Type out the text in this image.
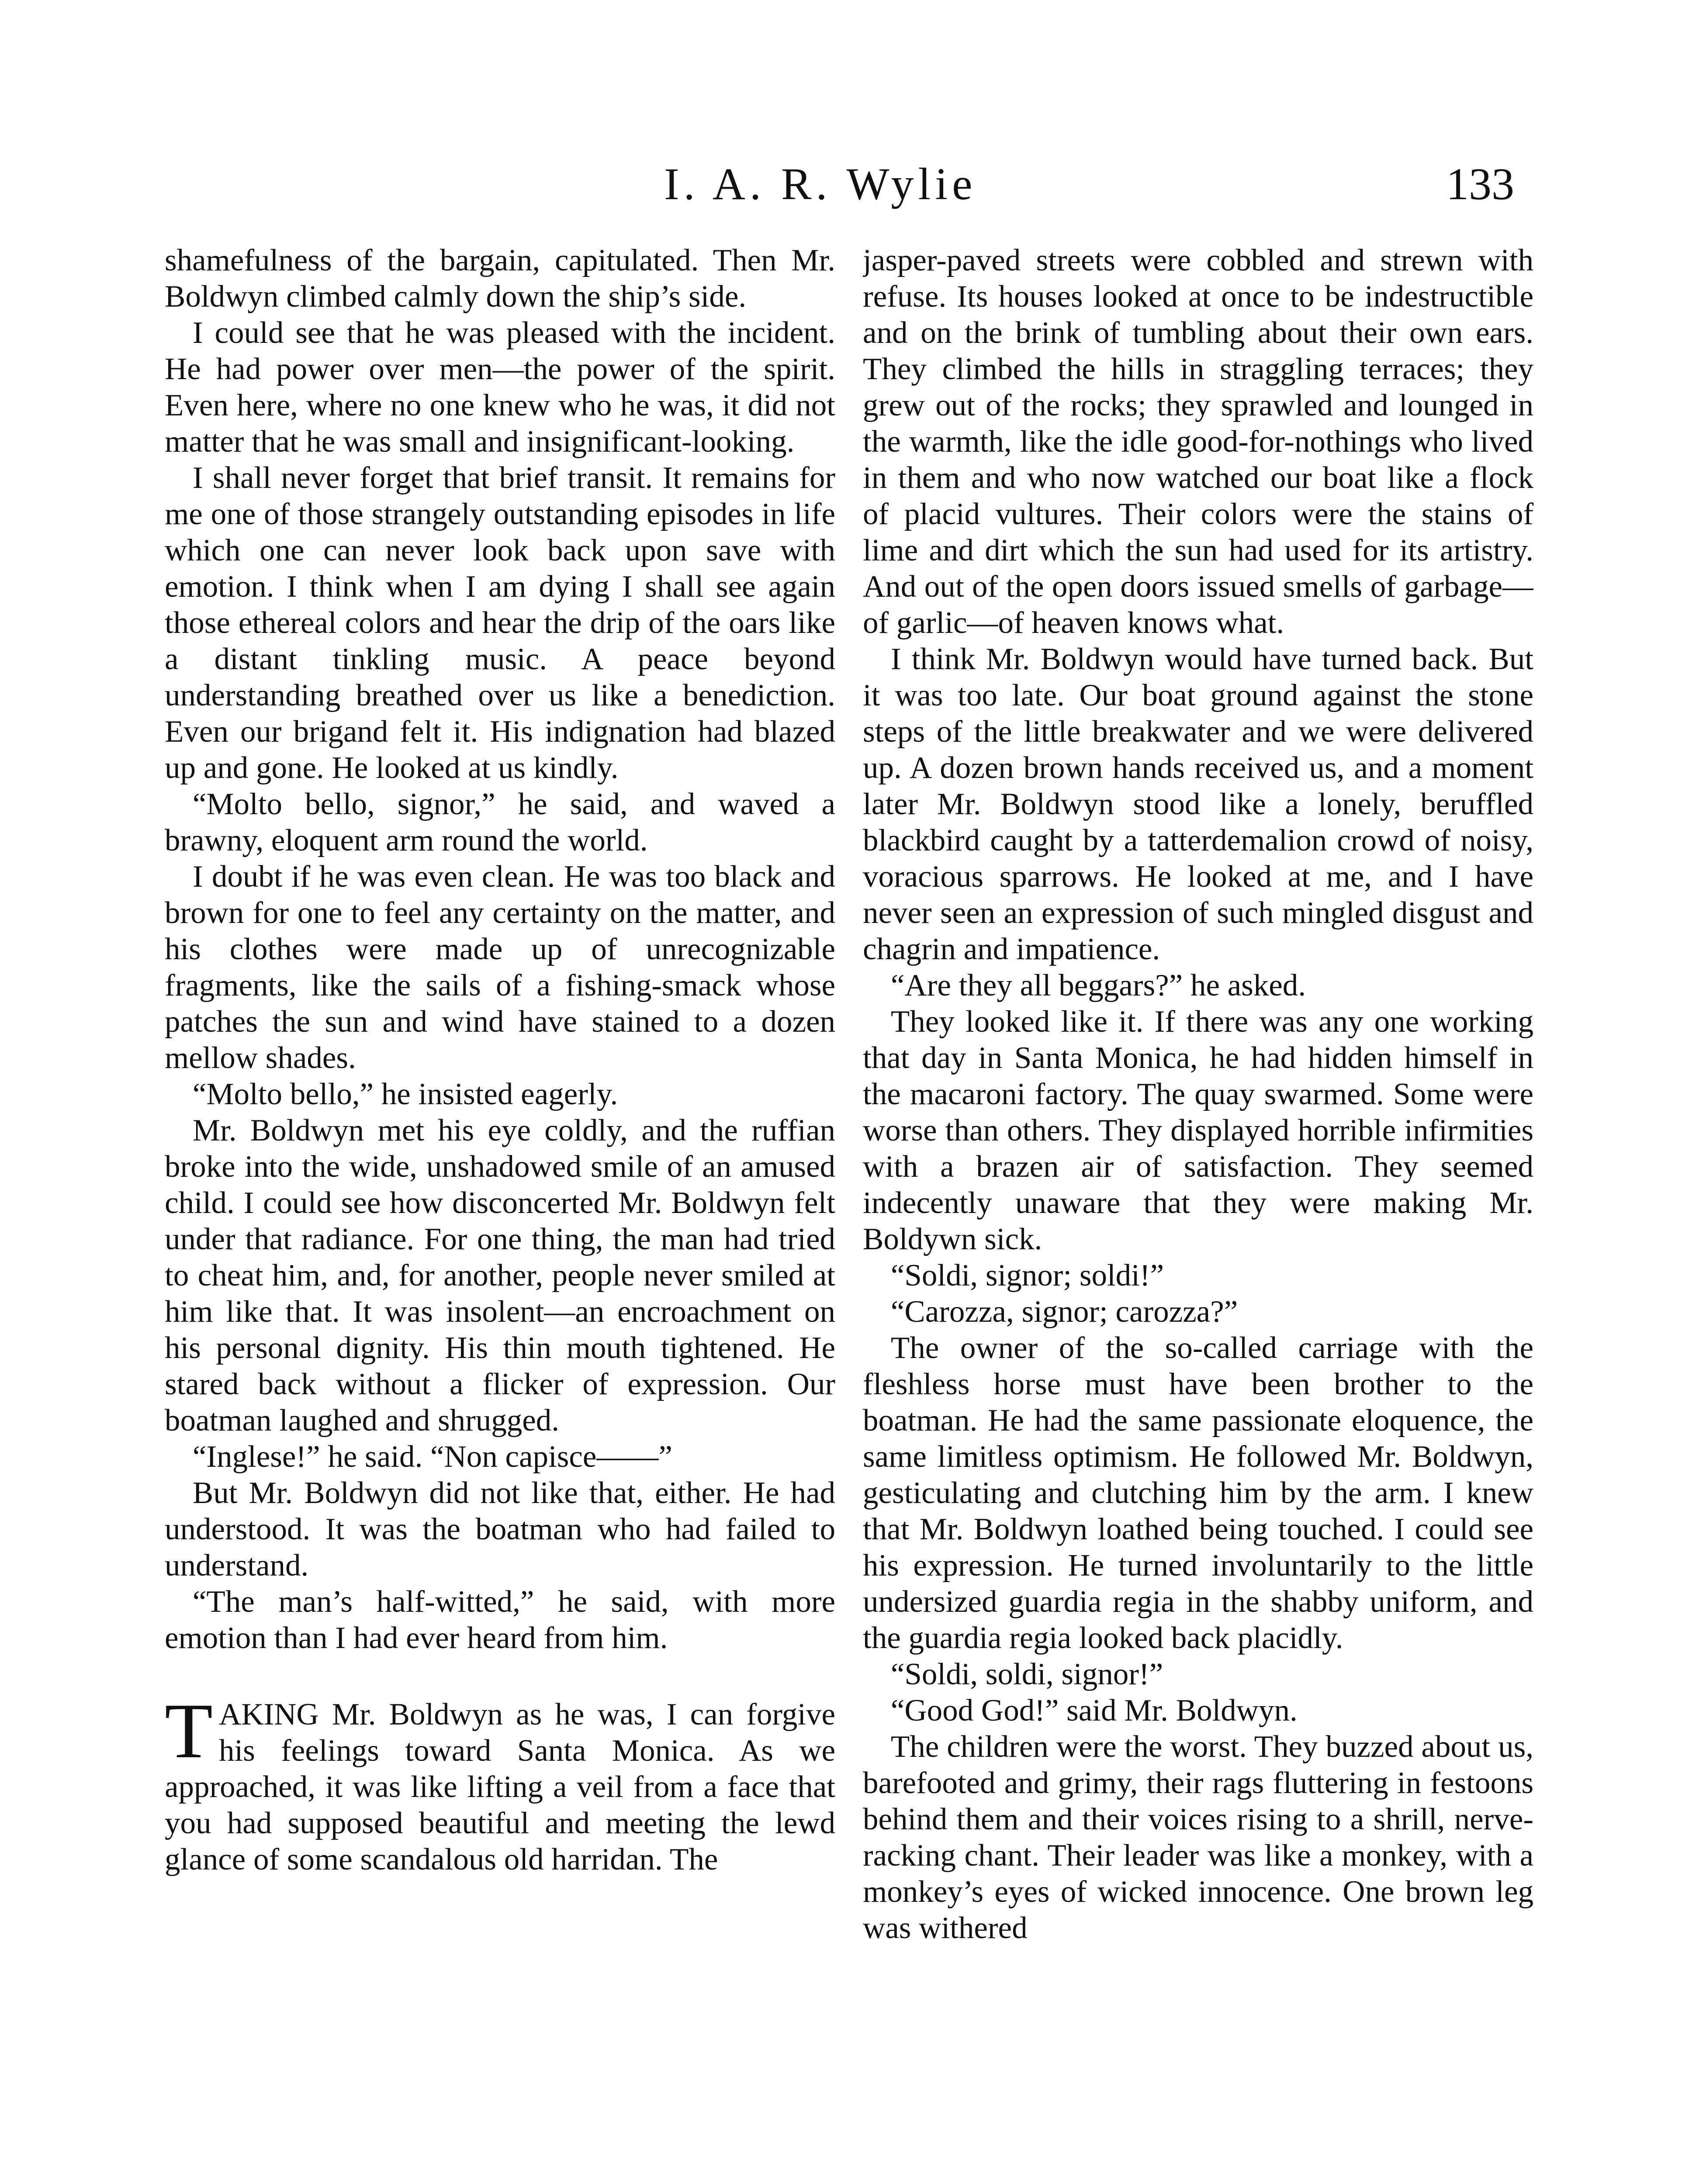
I. A. R. Wylie	133

shamefulness of the bargain, capitulated. Then Mr. Boldwyn climbed calmly down the ship’s side.

I could see that he was pleased with the incident. He had power over men—the power of the spirit. Even here, where no one knew who he was, it did not matter that he was small and insignificant-looking.

I shall never forget that brief transit. It remains for me one of those strangely outstanding episodes in life which one can never look back upon save with emotion. I think when I am dying I shall see again those ethereal colors and hear the drip of the oars like a distant tinkling music. A peace beyond understanding breathed over us like a benediction. Even our brigand felt it. His indignation had blazed up and gone. He looked at us kindly.

“Molto bello, signor,” he said, and waved a brawny, eloquent arm round the world.

I doubt if he was even clean. He was too black and brown for one to feel any certainty on the matter, and his clothes were made up of unrecognizable fragments, like the sails of a fishing-smack whose patches the sun and wind have stained to a dozen mellow shades.

“Molto bello,” he insisted eagerly.

Mr. Boldwyn met his eye coldly, and the ruffian broke into the wide, unshadowed smile of an amused child. I could see how disconcerted Mr. Boldwyn felt under that radiance. For one thing, the man had tried to cheat him, and, for another, people never smiled at him like that. It was insolent—an encroachment on his personal dignity. His thin mouth tightened. He stared back without a flicker of expression. Our boatman laughed and shrugged.

“Inglese!” he said. “Non capisce——”

But Mr. Boldwyn did not like that, either. He had understood. It was the boatman who had failed to understand.

“The man’s half-witted,” he said, with more emotion than I had ever heard from him.

TAKING Mr. Boldwyn as he was, I can forgive his feelings toward Santa Monica. As we approached, it was like lifting a veil from a face that you had supposed beautiful and meeting the lewd glance of some scandalous old harridan. The

jasper-paved streets were cobbled and strewn with refuse. Its houses looked at once to be indestructible and on the brink of tumbling about their own ears. They climbed the hills in straggling terraces; they grew out of the rocks; they sprawled and lounged in the warmth, like the idle good-for-nothings who lived in them and who now watched our boat like a flock of placid vultures. Their colors were the stains of lime and dirt which the sun had used for its artistry. And out of the open doors issued smells of garbage—of garlic—of heaven knows what.

I think Mr. Boldwyn would have turned back. But it was too late. Our boat ground against the stone steps of the little breakwater and we were delivered up. A dozen brown hands received us, and a moment later Mr. Boldwyn stood like a lonely, beruffled blackbird caught by a tatterdemalion crowd of noisy, voracious sparrows. He looked at me, and I have never seen an expression of such mingled disgust and chagrin and impatience.

“Are they all beggars?” he asked.

They looked like it. If there was any one working that day in Santa Monica, he had hidden himself in the macaroni factory. The quay swarmed. Some were worse than others. They displayed horrible infirmities with a brazen air of satisfaction. They seemed indecently unaware that they were making Mr. Boldywn sick.

“Soldi, signor; soldi!”

“Carozza, signor; carozza?”

The owner of the so-called carriage with the fleshless horse must have been brother to the boatman. He had the same passionate eloquence, the same limitless optimism. He followed Mr. Boldwyn, gesticulating and clutching him by the arm. I knew that Mr. Boldwyn loathed being touched. I could see his expression. He turned involuntarily to the little undersized guardia regia in the shabby uniform, and the guardia regia looked back placidly.

“Soldi, soldi, signor!”

“Good God!” said Mr. Boldwyn.

The children were the worst. They buzzed about us, barefooted and grimy, their rags fluttering in festoons behind them and their voices rising to a shrill, nerve-racking chant. Their leader was like a monkey, with a monkey’s eyes of wicked innocence. One brown leg was withered
